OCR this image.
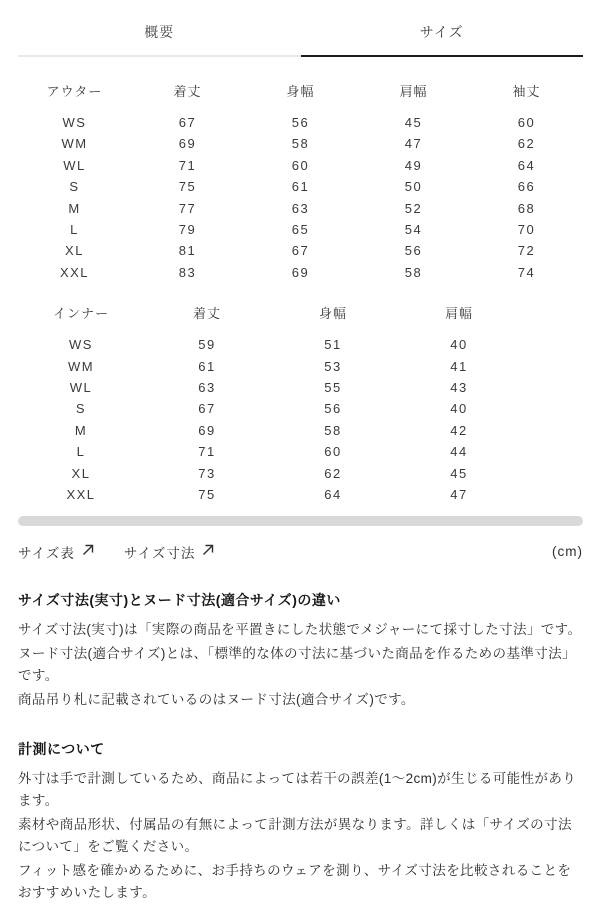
概要	サイズ
アウター	着丈	身幅	肩幅	袖丈
WS	67	56	45	60
WM	69	58	47	62
WL	71	60	49	64
S	75	61	50	66
M	77	63	52	68
L	79	65	54	70
XL	81	67	56	72
XXL	83	69	58	74
インナー	着丈	身幅	肩幅
WS	59	51	40
WM	61	53	41
WL	63	55	43
S	67	56	40
M	69	58	42
L	71	60	44
XL	73	62	45
XXL	75	64	47
サイズ表	サイズ寸法	(cm)
サイズ寸法(実寸)とヌード寸法(適合サイズ)の違い

サイズ寸法(実寸)は「実際の商品を平置きにした状態でメジャーにて採寸した寸法」です。

ヌード寸法(適合サイズ)とは、「標準的な体の寸法に基づいた商品を作るための基準寸法」です。

商品吊り札に記載されているのはヌード寸法(適合サイズ)です。

計測について

外寸は手で計測しているため、商品によっては若干の誤差(1〜2cm)が生じる可能性があります。

素材や商品形状、付属品の有無によって計測方法が異なります。詳しくは「サイズの寸法について」をご覧ください。

フィット感を確かめるために、お手持ちのウェアを測り、サイズ寸法を比較されることをおすすめいたします。
